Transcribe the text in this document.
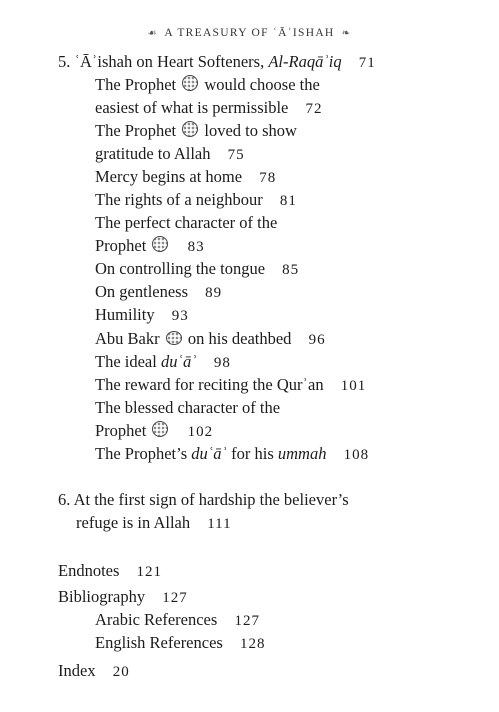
☙ A TREASURY OF ʿĀʾISHAH ❧
5. ʿĀʾishah on Heart Softeners, Al-Raqāʾiq 71
The Prophet would choose the
easiest of what is permissible 72
The Prophet loved to show
gratitude to Allah 75
Mercy begins at home 78
The rights of a neighbour 81
The perfect character of the
Prophet	83
On controlling the tongue 85
On gentleness 89
Humility 93
Abu Bakr on his deathbed 96
The ideal duʿāʾ 98
The reward for reciting the Qurʾan 101
The blessed character of the
Prophet	102
The Prophet’s duʿāʾ for his ummah 108
6. At the first sign of hardship the believer’s
refuge is in Allah 111
Endnotes 121
Bibliography 127
Arabic References 127
English References 128
Index 20
